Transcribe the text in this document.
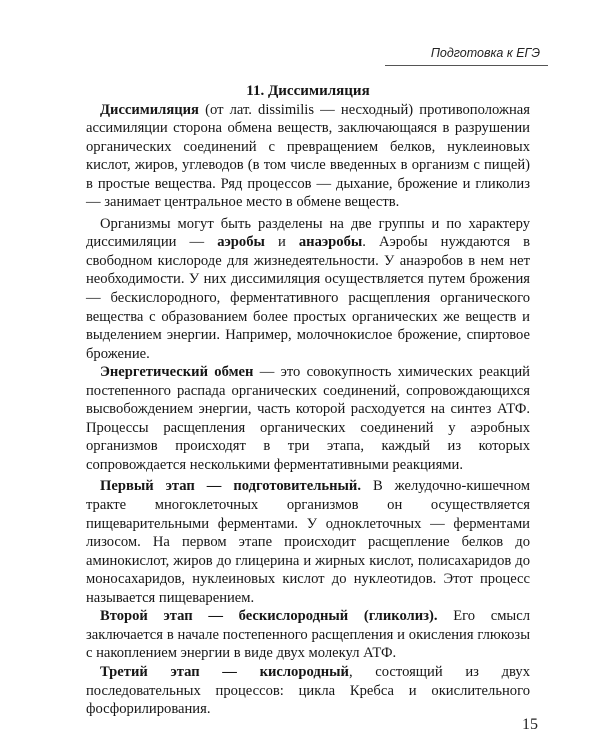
Подготовка к ЕГЭ
11. Диссимиляция

Диссимиляция (от лат. dissimilis — несходный) противоположная ассимиляции сторона обмена веществ, заключающаяся в разрушении органических соединений с превращением белков, нуклеиновых кислот, жиров, углеводов (в том числе введенных в организм с пищей) в простые вещества. Ряд процессов — дыхание, брожение и гликолиз — занимает центральное место в обмене веществ.

Организмы могут быть разделены на две группы и по характеру диссимиляции — аэробы и анаэробы. Аэробы нуждаются в свободном кислороде для жизнедеятельности. У анаэробов в нем нет необходимости. У них диссимиляция осуществляется путем брожения — бескислородного, ферментативного расщепления органического вещества с образованием более простых органических же веществ и выделением энергии. Например, молочнокислое брожение, спиртовое брожение.

Энергетический обмен — это совокупность химических реакций постепенного распада органических соединений, сопровождающихся высвобождением энергии, часть которой расходуется на синтез АТФ. Процессы расщепления органических соединений у аэробных организмов происходят в три этапа, каждый из которых сопровождается несколькими ферментативными реакциями.

Первый этап — подготовительный. В желудочно-кишечном тракте многоклеточных организмов он осуществляется пищеварительными ферментами. У одноклеточных — ферментами лизосом. На первом этапе происходит расщепление белков до аминокислот, жиров до глицерина и жирных кислот, полисахаридов до моносахаридов, нуклеиновых кислот до нуклеотидов. Этот процесс называется пищеварением.

Второй этап — бескислородный (гликолиз). Его смысл заключается в начале постепенного расщепления и окисления глюкозы с накоплением энергии в виде двух молекул АТФ.

Третий этап — кислородный, состоящий из двух последовательных процессов: цикла Кребса и окислительного фосфорилирования.

15
